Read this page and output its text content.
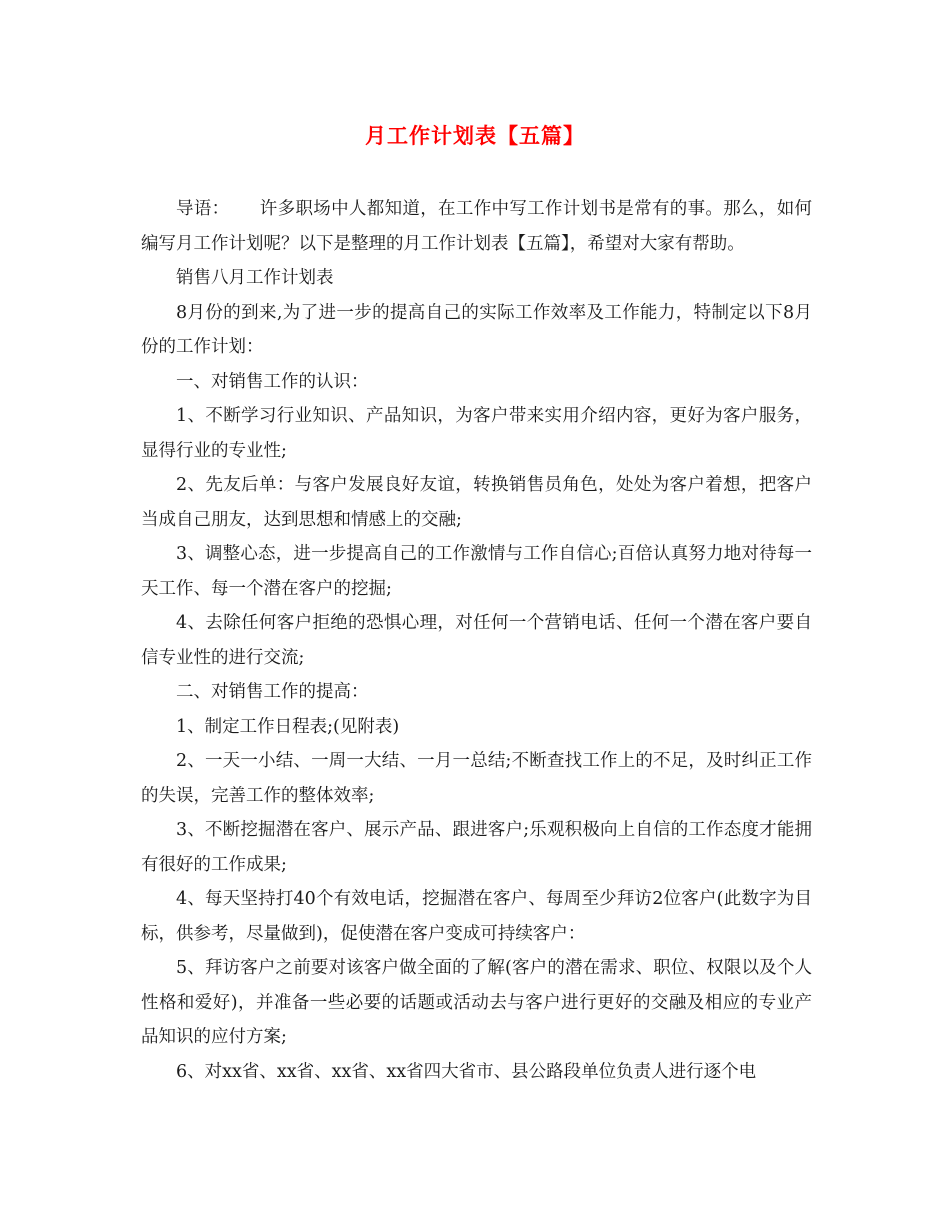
月工作计划表【五篇】

导语： 许多职场中人都知道，在工作中写工作计划书是常有的事。那么，如何编写月工作计划呢？以下是整理的月工作计划表【五篇】，希望对大家有帮助。

销售八月工作计划表

8月份的到来,为了进一步的提高自己的实际工作效率及工作能力，特制定以下8月份的工作计划：

一、对销售工作的认识：

1、不断学习行业知识、产品知识，为客户带来实用介绍内容，更好为客户服务，显得行业的专业性;

2、先友后单：与客户发展良好友谊，转换销售员角色，处处为客户着想，把客户当成自己朋友，达到思想和情感上的交融;

3、调整心态，进一步提高自己的工作激情与工作自信心;百倍认真努力地对待每一天工作、每一个潜在客户的挖掘;

4、去除任何客户拒绝的恐惧心理，对任何一个营销电话、任何一个潜在客户要自信专业性的进行交流;

二、对销售工作的提高：

1、制定工作日程表;(见附表)

2、一天一小结、一周一大结、一月一总结;不断查找工作上的不足，及时纠正工作的失误，完善工作的整体效率;

3、不断挖掘潜在客户、展示产品、跟进客户;乐观积极向上自信的工作态度才能拥有很好的工作成果;

4、每天坚持打40个有效电话，挖掘潜在客户、每周至少拜访2位客户(此数字为目标，供参考，尽量做到)，促使潜在客户变成可持续客户：

5、拜访客户之前要对该客户做全面的了解(客户的潜在需求、职位、权限以及个人性格和爱好)，并准备一些必要的话题或活动去与客户进行更好的交融及相应的专业产品知识的应付方案;

6、对xx省、xx省、xx省、xx省四大省市、县公路段单位负责人进行逐个电
